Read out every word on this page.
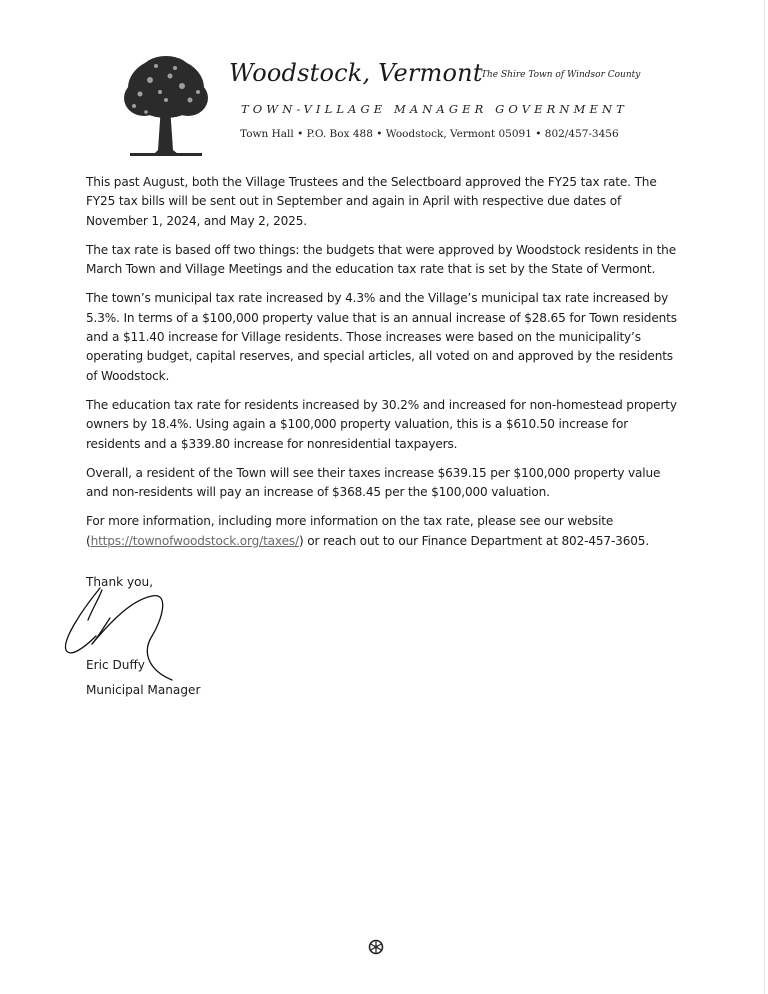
Woodstock, Vermont
The Shire Town of Windsor County
TOWN-VILLAGE MANAGER GOVERNMENT
Town Hall • P.O. Box 488 • Woodstock, Vermont 05091 • 802/457-3456

This past August, both the Village Trustees and the Selectboard approved the FY25 tax rate. The FY25 tax bills will be sent out in September and again in April with respective due dates of November 1, 2024, and May 2, 2025.

The tax rate is based off two things: the budgets that were approved by Woodstock residents in the March Town and Village Meetings and the education tax rate that is set by the State of Vermont.

The town’s municipal tax rate increased by 4.3% and the Village’s municipal tax rate increased by 5.3%. In terms of a $100,000 property value that is an annual increase of $28.65 for Town residents and a $11.40 increase for Village residents. Those increases were based on the municipality’s operating budget, capital reserves, and special articles, all voted on and approved by the residents of Woodstock.

The education tax rate for residents increased by 30.2% and increased for non-homestead property owners by 18.4%. Using again a $100,000 property valuation, this is a $610.50 increase for residents and a $339.80 increase for nonresidential taxpayers.

Overall, a resident of the Town will see their taxes increase $639.15 per $100,000 property value and non-residents will pay an increase of $368.45 per the $100,000 valuation.

For more information, including more information on the tax rate, please see our website (https://townofwoodstock.org/taxes/) or reach out to our Finance Department at 802-457-3605.

Thank you,
Eric Duffy
Municipal Manager
